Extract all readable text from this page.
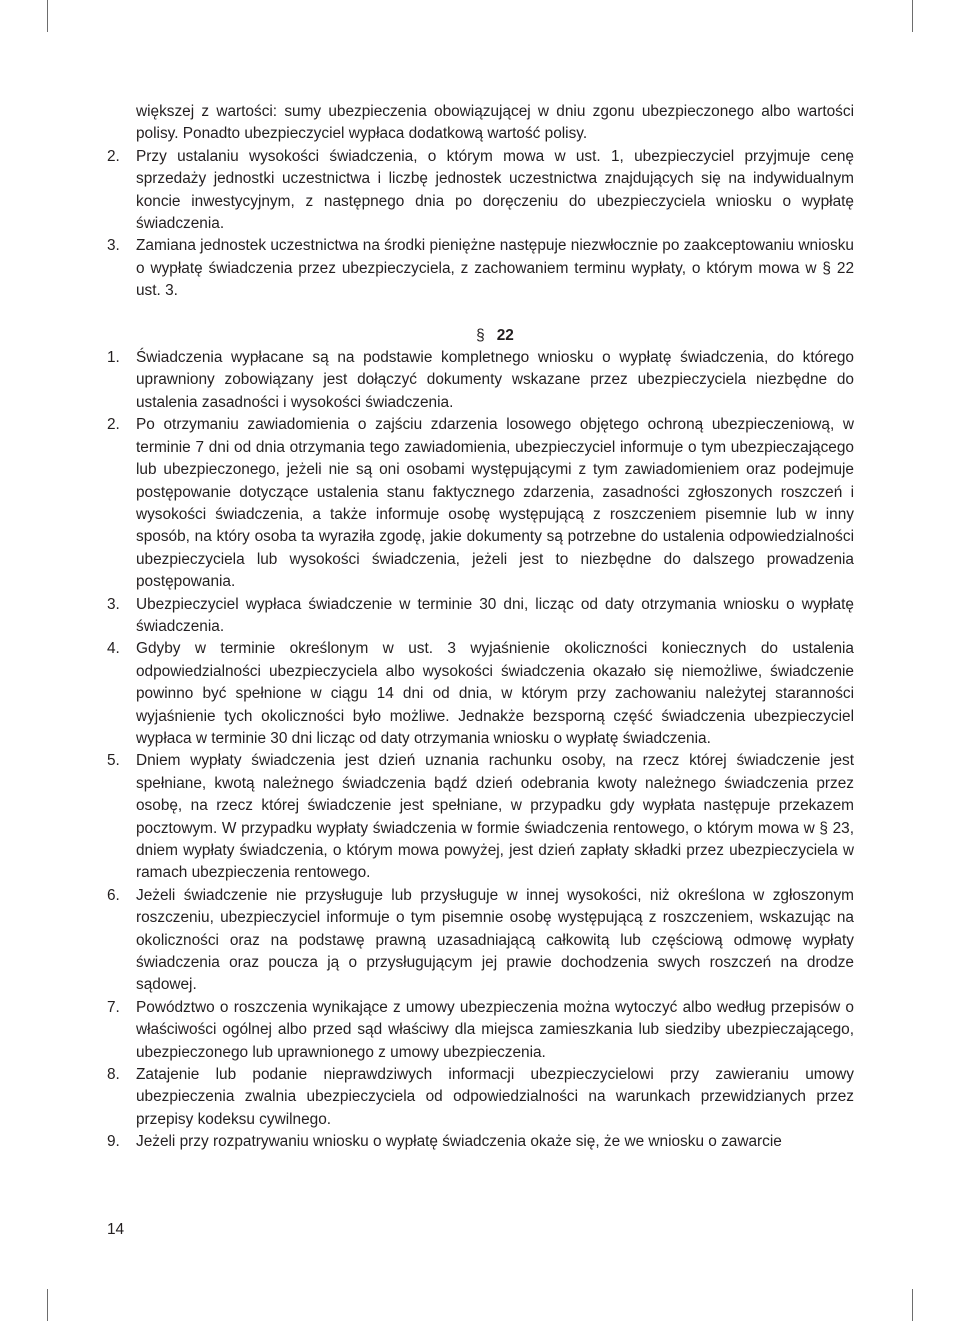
większej z wartości: sumy ubezpieczenia obowiązującej w dniu zgonu ubezpieczonego albo wartości polisy. Ponadto ubezpieczyciel wypłaca dodatkową wartość polisy.
2. Przy ustalaniu wysokości świadczenia, o którym mowa w ust. 1, ubezpieczyciel przyjmuje cenę sprzedaży jednostki uczestnictwa i liczbę jednostek uczestnictwa znajdujących się na indywidualnym koncie inwestycyjnym, z następnego dnia po doręczeniu do ubezpieczyciela wniosku o wypłatę świadczenia.
3. Zamiana jednostek uczestnictwa na środki pieniężne następuje niezwłocznie po zaakceptowaniu wniosku o wypłatę świadczenia przez ubezpieczyciela, z zachowaniem terminu wypłaty, o którym mowa w § 22 ust. 3.
§ 22
1. Świadczenia wypłacane są na podstawie kompletnego wniosku o wypłatę świadczenia, do którego uprawniony zobowiązany jest dołączyć dokumenty wskazane przez ubezpieczyciela niezbędne do ustalenia zasadności i wysokości świadczenia.
2. Po otrzymaniu zawiadomienia o zajściu zdarzenia losowego objętego ochroną ubezpieczeniową, w terminie 7 dni od dnia otrzymania tego zawiadomienia, ubezpieczyciel informuje o tym ubezpieczającego lub ubezpieczonego, jeżeli nie są oni osobami występującymi z tym zawiadomieniem oraz podejmuje postępowanie dotyczące ustalenia stanu faktycznego zdarzenia, zasadności zgłoszonych roszczeń i wysokości świadczenia, a także informuje osobę występującą z roszczeniem pisemnie lub w inny sposób, na który osoba ta wyraziła zgodę, jakie dokumenty są potrzebne do ustalenia odpowiedzialności ubezpieczyciela lub wysokości świadczenia, jeżeli jest to niezbędne do dalszego prowadzenia postępowania.
3. Ubezpieczyciel wypłaca świadczenie w terminie 30 dni, licząc od daty otrzymania wniosku o wypłatę świadczenia.
4. Gdyby w terminie określonym w ust. 3 wyjaśnienie okoliczności koniecznych do ustalenia odpowiedzialności ubezpieczyciela albo wysokości świadczenia okazało się niemożliwe, świadczenie powinno być spełnione w ciągu 14 dni od dnia, w którym przy zachowaniu należytej staranności wyjaśnienie tych okoliczności było możliwe. Jednakże bezsporną część świadczenia ubezpieczyciel wypłaca w terminie 30 dni licząc od daty otrzymania wniosku o wypłatę świadczenia.
5. Dniem wypłaty świadczenia jest dzień uznania rachunku osoby, na rzecz której świadczenie jest spełniane, kwotą należnego świadczenia bądź dzień odebrania kwoty należnego świadczenia przez osobę, na rzecz której świadczenie jest spełniane, w przypadku gdy wypłata następuje przekazem pocztowym. W przypadku wypłaty świadczenia w formie świadczenia rentowego, o którym mowa w § 23, dniem wypłaty świadczenia, o którym mowa powyżej, jest dzień zapłaty składki przez ubezpieczyciela w ramach ubezpieczenia rentowego.
6. Jeżeli świadczenie nie przysługuje lub przysługuje w innej wysokości, niż określona w zgłoszonym roszczeniu, ubezpieczyciel informuje o tym pisemnie osobę występującą z roszczeniem, wskazując na okoliczności oraz na podstawę prawną uzasadniającą całkowitą lub częściową odmowę wypłaty świadczenia oraz poucza ją o przysługującym jej prawie dochodzenia swych roszczeń na drodze sądowej.
7. Powództwo o roszczenia wynikające z umowy ubezpieczenia można wytoczyć albo według przepisów o właściwości ogólnej albo przed sąd właściwy dla miejsca zamieszkania lub siedziby ubezpieczającego, ubezpieczonego lub uprawnionego z umowy ubezpieczenia.
8. Zatajenie lub podanie nieprawdziwych informacji ubezpieczycielowi przy zawieraniu umowy ubezpieczenia zwalnia ubezpieczyciela od odpowiedzialności na warunkach przewidzianych przez przepisy kodeksu cywilnego.
9. Jeżeli przy rozpatrywaniu wniosku o wypłatę świadczenia okaże się, że we wniosku o zawarcie
14
